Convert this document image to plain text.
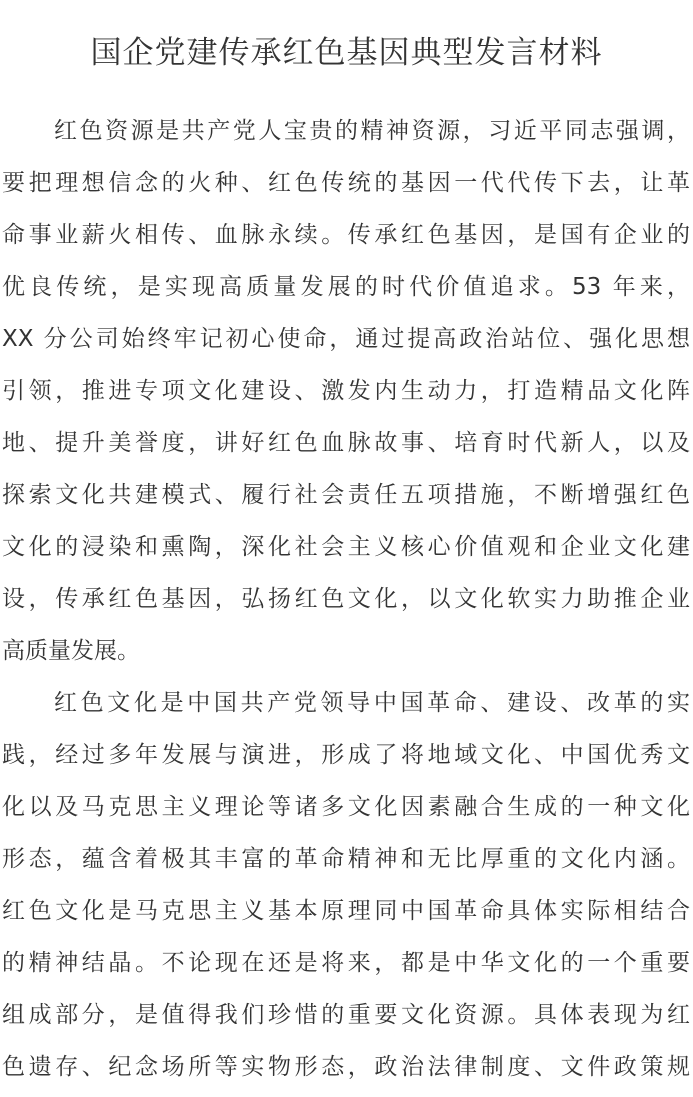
国企党建传承红色基因典型发言材料

红色资源是共产党人宝贵的精神资源，习近平同志强调，
要把理想信念的火种、红色传统的基因一代代传下去，让革
命事业薪火相传、血脉永续。传承红色基因，是国有企业的
优良传统，是实现高质量发展的时代价值追求。53 年来，
XX 分公司始终牢记初心使命，通过提高政治站位、强化思想
引领，推进专项文化建设、激发内生动力，打造精品文化阵
地、提升美誉度，讲好红色血脉故事、培育时代新人，以及
探索文化共建模式、履行社会责任五项措施，不断增强红色
文化的浸染和熏陶，深化社会主义核心价值观和企业文化建
设，传承红色基因，弘扬红色文化，以文化软实力助推企业
高质量发展。

红色文化是中国共产党领导中国革命、建设、改革的实
践，经过多年发展与演进，形成了将地域文化、中国优秀文
化以及马克思主义理论等诸多文化因素融合生成的一种文化
形态，蕴含着极其丰富的革命精神和无比厚重的文化内涵。
红色文化是马克思主义基本原理同中国革命具体实际相结合
的精神结晶。不论现在还是将来，都是中华文化的一个重要
组成部分，是值得我们珍惜的重要文化资源。具体表现为红
色遗存、纪念场所等实物形态，政治法律制度、文件政策规
